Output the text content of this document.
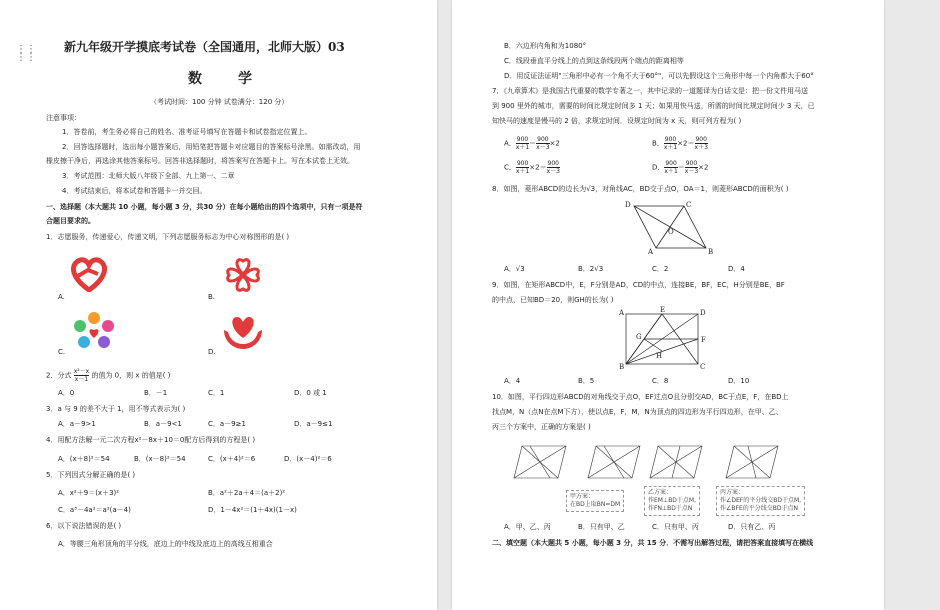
⋮⋮
⋮⋮
新九年级开学摸底考试卷（全国通用，北师大版）03
数学
（考试时间：100 分钟 试卷满分：120 分）
注意事项：
1．答卷前，考生务必将自己的姓名、准考证号填写在答题卡和试卷指定位置上。
2．回答选择题时，选出每小题答案后，用铅笔把答题卡对应题目的答案标号涂黑。如需改动，用
橡皮擦干净后，再选涂其他答案标号。回答非选择题时，将答案写在答题卡上。写在本试卷上无效。
3．考试范围：北师大版八年级下全部、九上第一、二章
4．考试结束后，将本试卷和答题卡一并交回。
一、选择题（本大题共 10 小题，每小题 3 分，共30 分）在每小题给出的四个选项中，只有一项是符
合题目要求的。
1．志愿服务，传递爱心，传递文明，下列志愿服务标志为中心对称图形的是( )
A.	B.
C.	D.
2．分式 $\frac{\text{x²－x}}{x-1}$ 的值为 0，则 x 的值是( )
A．0	B．－1	C．1	D．0 或 1
3．a 与 9 的差不大于 1，用不等式表示为( )
A．a－9>1	B．a－9<1	C．a－9≥1	D．a－9≤1
4．用配方法解一元二次方程x²－8x＋10＝0配方后得到的方程是( )
A．(x＋8)²＝54	B．(x－8)²＝54	C．(x＋4)²＝6	D．(x－4)²＝6
5．下列因式分解正确的是( )
A．x²＋9＝(x＋3)²	B．a²＋2a＋4＝(a＋2)²
C．a³－4a²＝a²(a－4)	D．1－4x²＝(1＋4x)(1－x)
6．以下说法错误的是( )
A．等腰三角形顶角的平分线，底边上的中线及底边上的高线互相重合
B．六边形内角和为1080°
C．线段垂直平分线上的点到这条线段两个端点的距离相等
D．用反证法证明"三角形中必有一个角不大于60°"，可以先假设这个三角形中每一个内角都大于60°
7．《九章算术》是我国古代重要的数学专著之一，其中记录的一道题译为白话文是：把一份文件用马送
到 900 里外的城市，需要的时间比规定时间多 1 天；如果用快马送，所需的时间比规定时间少 3 天，已
知快马的速度是慢马的 2 倍，求规定时间．设规定时间为 x 天，则可列方程为( )
A． $\frac{900}{x+1} = \frac{900}{x-3} \times 2$	B． $\frac{900}{x+1} \times 2= \frac{900}{x+3}$
C． $\frac{900}{x+1} \times 2= \frac{900}{x-3}$	D． $\frac{900}{x+1} = \frac{900}{x-3} \times 2$
8．如图，菱形ABCD的边长为√3，对角线AC，BD交于点O，OA＝1，则菱形ABCD的面积为( )
D	C
B
A
O
A．√3	B．2√3	C．2	D．4
9．如图，在矩形ABCD中，E，F分别是AD，CD的中点，连接BE，BF，EC，H分别是BE，BF
的中点，已知BD＝20，则GH的长为( )
A	E	D
F
B	C
G
H
A．4	B．5	C．8	D．10
10．如图，平行四边形ABCD的对角线交于点O，EF过点O且分别交AD，BC于点E，F，在BD上
找点M，N（点N在点M下方），使以点E，F，M，N为顶点的四边形为平行四边形，在甲、乙、
丙三个方案中，正确的方案是( )
甲方案：
在BD上取BN=DM
乙方案：
作EM⊥BD于点M,
作FN⊥BD于点N
丙方案：
作∠DEF的平分线交BD于点M,
作∠BFE的平分线交BD于点N
A．甲、乙、丙	B．只有甲、乙	C．只有甲、丙	D．只有乙、丙
二、填空题（本大题共 5 小题，每小题 3 分，共 15 分．不需写出解答过程，请把答案直接填写在横线
